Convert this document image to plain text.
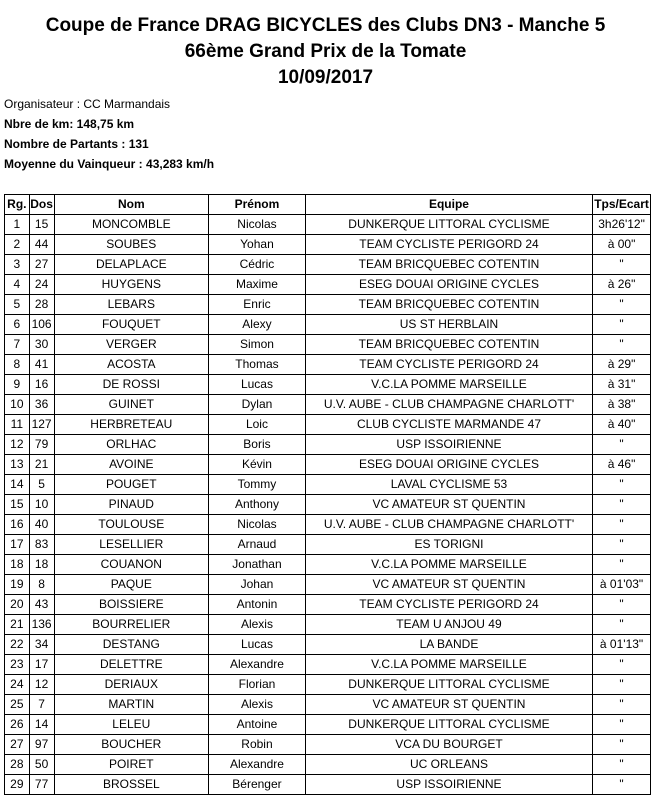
Coupe de France DRAG BICYCLES des Clubs DN3 - Manche 5
66ème Grand Prix de la Tomate
10/09/2017
Organisateur : CC Marmandais
Nbre de km: 148,75 km
Nombre de Partants : 131
Moyenne du Vainqueur : 43,283 km/h
Rg.	Dos	Nom	Prénom	Equipe	Tps/Ecart
1	15	MONCOMBLE	Nicolas	DUNKERQUE LITTORAL CYCLISME	3h26'12"
2	44	SOUBES	Yohan	TEAM CYCLISTE PERIGORD 24	à 00"
3	27	DELAPLACE	Cédric	TEAM BRICQUEBEC COTENTIN	"
4	24	HUYGENS	Maxime	ESEG DOUAI ORIGINE CYCLES	à 26"
5	28	LEBARS	Enric	TEAM BRICQUEBEC COTENTIN	"
6	106	FOUQUET	Alexy	US ST HERBLAIN	"
7	30	VERGER	Simon	TEAM BRICQUEBEC COTENTIN	"
8	41	ACOSTA	Thomas	TEAM CYCLISTE PERIGORD 24	à 29"
9	16	DE ROSSI	Lucas	V.C.LA POMME MARSEILLE	à 31"
10	36	GUINET	Dylan	U.V. AUBE - CLUB CHAMPAGNE CHARLOTT'	à 38"
11	127	HERBRETEAU	Loic	CLUB CYCLISTE MARMANDE 47	à 40"
12	79	ORLHAC	Boris	USP ISSOIRIENNE	"
13	21	AVOINE	Kévin	ESEG DOUAI ORIGINE CYCLES	à 46"
14	5	POUGET	Tommy	LAVAL CYCLISME 53	"
15	10	PINAUD	Anthony	VC AMATEUR ST QUENTIN	"
16	40	TOULOUSE	Nicolas	U.V. AUBE - CLUB CHAMPAGNE CHARLOTT'	"
17	83	LESELLIER	Arnaud	ES TORIGNI	"
18	18	COUANON	Jonathan	V.C.LA POMME MARSEILLE	"
19	8	PAQUE	Johan	VC AMATEUR ST QUENTIN	à 01'03"
20	43	BOISSIERE	Antonin	TEAM CYCLISTE PERIGORD 24	"
21	136	BOURRELIER	Alexis	TEAM U ANJOU 49	"
22	34	DESTANG	Lucas	LA BANDE	à 01'13"
23	17	DELETTRE	Alexandre	V.C.LA POMME MARSEILLE	"
24	12	DERIAUX	Florian	DUNKERQUE LITTORAL CYCLISME	"
25	7	MARTIN	Alexis	VC AMATEUR ST QUENTIN	"
26	14	LELEU	Antoine	DUNKERQUE LITTORAL CYCLISME	"
27	97	BOUCHER	Robin	VCA DU BOURGET	"
28	50	POIRET	Alexandre	UC ORLEANS	"
29	77	BROSSEL	Bérenger	USP ISSOIRIENNE	"
